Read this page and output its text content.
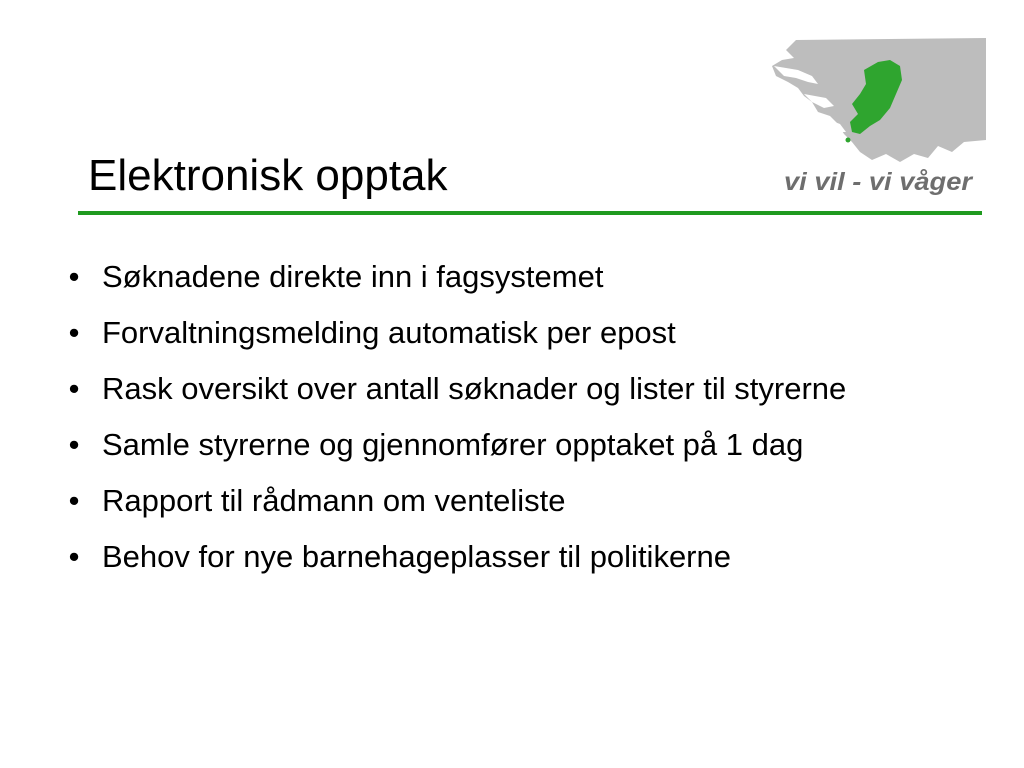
Elektronisk opptak	vi vil - vi våger
• Søknadene direkte inn i fagsystemet
• Forvaltningsmelding automatisk per epost
• Rask oversikt over antall søknader og lister til styrerne
• Samle styrerne og gjennomfører opptaket på 1 dag
• Rapport til rådmann om venteliste
• Behov for nye barnehageplasser til politikerne
